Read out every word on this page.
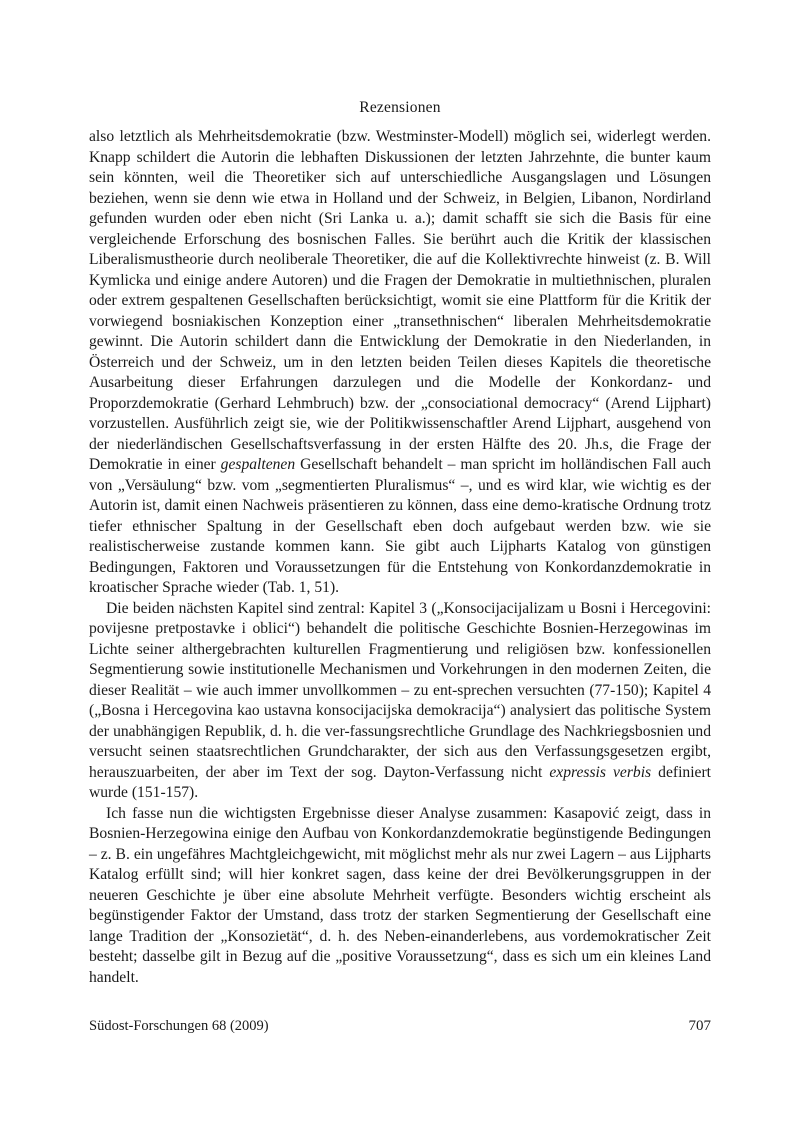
Rezensionen

also letztlich als Mehrheitsdemokratie (bzw. Westminster-Modell) möglich sei, widerlegt werden. Knapp schildert die Autorin die lebhaften Diskussionen der letzten Jahrzehnte, die bunter kaum sein könnten, weil die Theoretiker sich auf unterschiedliche Ausgangslagen und Lösungen beziehen, wenn sie denn wie etwa in Holland und der Schweiz, in Belgien, Libanon, Nordirland gefunden wurden oder eben nicht (Sri Lanka u. a.); damit schafft sie sich die Basis für eine vergleichende Erforschung des bosnischen Falles. Sie berührt auch die Kritik der klassischen Liberalismustheorie durch neoliberale Theoretiker, die auf die Kollektivrechte hinweist (z. B. Will Kymlicka und einige andere Autoren) und die Fragen der Demokratie in multiethnischen, pluralen oder extrem gespaltenen Gesellschaften berücksichtigt, womit sie eine Plattform für die Kritik der vorwiegend bosniakischen Konzeption einer „transethnischen“ liberalen Mehrheitsdemokratie gewinnt. Die Autorin schildert dann die Entwicklung der Demokratie in den Niederlanden, in Österreich und der Schweiz, um in den letzten beiden Teilen dieses Kapitels die theoretische Ausarbeitung dieser Erfahrungen darzulegen und die Modelle der Konkordanz- und Proporzdemokratie (Gerhard Lehmbruch) bzw. der „consociational democracy“ (Arend Lijphart) vorzustellen. Ausführlich zeigt sie, wie der Politikwissenschaftler Arend Lijphart, ausgehend von der niederländischen Gesellschaftsverfassung in der ersten Hälfte des 20. Jh.s, die Frage der Demokratie in einer gespaltenen Gesellschaft behandelt – man spricht im holländischen Fall auch von „Versäulung“ bzw. vom „segmentierten Pluralismus“ –, und es wird klar, wie wichtig es der Autorin ist, damit einen Nachweis präsentieren zu können, dass eine demo-kratische Ordnung trotz tiefer ethnischer Spaltung in der Gesellschaft eben doch aufgebaut werden bzw. wie sie realistischerweise zustande kommen kann. Sie gibt auch Lijpharts Katalog von günstigen Bedingungen, Faktoren und Voraussetzungen für die Entstehung von Konkordanzdemokratie in kroatischer Sprache wieder (Tab. 1, 51).

Die beiden nächsten Kapitel sind zentral: Kapitel 3 („Konsocijacijalizam u Bosni i Hercegovini: povijesne pretpostavke i oblici“) behandelt die politische Geschichte Bosnien-Herzegowinas im Lichte seiner althergebrachten kulturellen Fragmentierung und religiösen bzw. konfessionellen Segmentierung sowie institutionelle Mechanismen und Vorkehrungen in den modernen Zeiten, die dieser Realität – wie auch immer unvollkommen – zu ent-sprechen versuchten (77-150); Kapitel 4 („Bosna i Hercegovina kao ustavna konsocijacijska demokracija“) analysiert das politische System der unabhängigen Republik, d. h. die ver-fassungsrechtliche Grundlage des Nachkriegsbosnien und versucht seinen staatsrechtlichen Grundcharakter, der sich aus den Verfassungsgesetzen ergibt, herauszuarbeiten, der aber im Text der sog. Dayton-Verfassung nicht expressis verbis definiert wurde (151-157).

Ich fasse nun die wichtigsten Ergebnisse dieser Analyse zusammen: Kasapović zeigt, dass in Bosnien-Herzegowina einige den Aufbau von Konkordanzdemokratie begünstigende Bedingungen – z. B. ein ungefähres Machtgleichgewicht, mit möglichst mehr als nur zwei Lagern – aus Lijpharts Katalog erfüllt sind; will hier konkret sagen, dass keine der drei Bevölkerungsgruppen in der neueren Geschichte je über eine absolute Mehrheit verfügte. Besonders wichtig erscheint als begünstigender Faktor der Umstand, dass trotz der starken Segmentierung der Gesellschaft eine lange Tradition der „Konsozietät“, d. h. des Neben-einanderlebens, aus vordemokratischer Zeit besteht; dasselbe gilt in Bezug auf die „positive Voraussetzung“, dass es sich um ein kleines Land handelt.

Südost-Forschungen 68 (2009)	707
